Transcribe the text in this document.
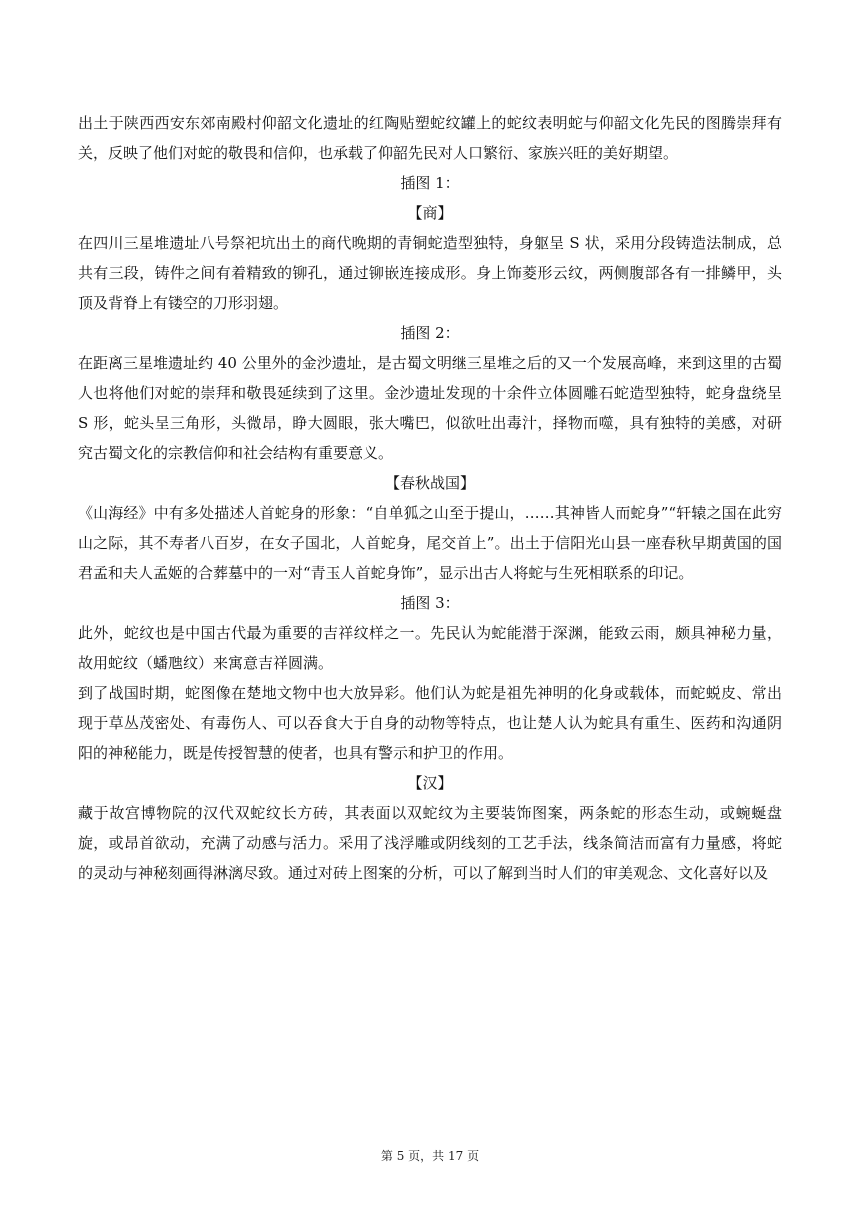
出土于陕西西安东郊南殿村仰韶文化遗址的红陶贴塑蛇纹罐上的蛇纹表明蛇与仰韶文化先民的图腾崇拜有关，反映了他们对蛇的敬畏和信仰，也承载了仰韶先民对人口繁衍、家族兴旺的美好期望。

插图 1：

【商】

在四川三星堆遗址八号祭祀坑出土的商代晚期的青铜蛇造型独特，身躯呈 S 状，采用分段铸造法制成，总共有三段，铸件之间有着精致的铆孔，通过铆嵌连接成形。身上饰菱形云纹，两侧腹部各有一排鳞甲，头顶及背脊上有镂空的刀形羽翅。

插图 2：

在距离三星堆遗址约 40 公里外的金沙遗址，是古蜀文明继三星堆之后的又一个发展高峰，来到这里的古蜀人也将他们对蛇的崇拜和敬畏延续到了这里。金沙遗址发现的十余件立体圆雕石蛇造型独特，蛇身盘绕呈 S 形，蛇头呈三角形，头微昂，睁大圆眼，张大嘴巴，似欲吐出毒汁，择物而噬，具有独特的美感，对研究古蜀文化的宗教信仰和社会结构有重要意义。

【春秋战国】

《山海经》中有多处描述人首蛇身的形象：“自单狐之山至于提山，……其神皆人而蛇身”“轩辕之国在此穷山之际，其不寿者八百岁，在女子国北，人首蛇身，尾交首上”。出土于信阳光山县一座春秋早期黄国的国君孟和夫人孟姬的合葬墓中的一对“青玉人首蛇身饰”，显示出古人将蛇与生死相联系的印记。

插图 3：

此外，蛇纹也是中国古代最为重要的吉祥纹样之一。先民认为蛇能潜于深渊，能致云雨，颇具神秘力量，故用蛇纹（蟠虺纹）来寓意吉祥圆满。

到了战国时期，蛇图像在楚地文物中也大放异彩。他们认为蛇是祖先神明的化身或载体，而蛇蜕皮、常出现于草丛茂密处、有毒伤人、可以吞食大于自身的动物等特点，也让楚人认为蛇具有重生、医药和沟通阴阳的神秘能力，既是传授智慧的使者，也具有警示和护卫的作用。

【汉】

藏于故宫博物院的汉代双蛇纹长方砖，其表面以双蛇纹为主要装饰图案，两条蛇的形态生动，或蜿蜒盘旋，或昂首欲动，充满了动感与活力。采用了浅浮雕或阴线刻的工艺手法，线条简洁而富有力量感，将蛇的灵动与神秘刻画得淋漓尽致。通过对砖上图案的分析，可以了解到当时人们的审美观念、文化喜好以及

第 5 页，共 17 页
